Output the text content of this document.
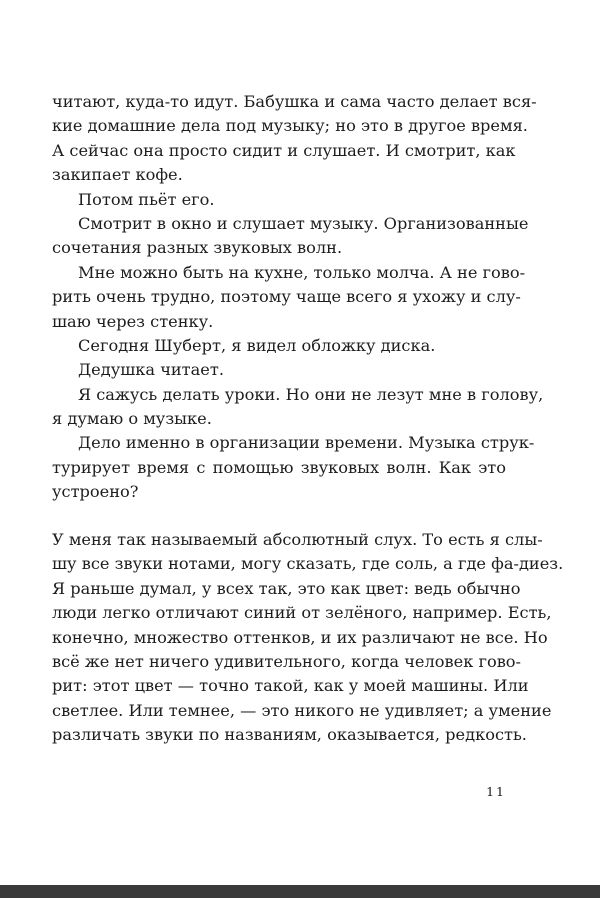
читают, куда-то идут. Бабушка и сама часто делает вся-
кие домашние дела под музыку; но это в другое время.
А сейчас она просто сидит и слушает. И смотрит, как
закипает кофе.
Потом пьёт его.
Смотрит в окно и слушает музыку. Организованные
сочетания разных звуковых волн.
Мне можно быть на кухне, только молча. А не гово-
рить очень трудно, поэтому чаще всего я ухожу и слу-
шаю через стенку.
Сегодня Шуберт, я видел обложку диска.
Дедушка читает.
Я сажусь делать уроки. Но они не лезут мне в голову,
я думаю о музыке.
Дело именно в организации времени. Музыка струк-
турирует время с помощью звуковых волн. Как это
устроено?
У меня так называемый абсолютный слух. То есть я слы-
шу все звуки нотами, могу сказать, где соль, а где фа-диез.
Я раньше думал, у всех так, это как цвет: ведь обычно
люди легко отличают синий от зелёного, например. Есть,
конечно, множество оттенков, и их различают не все. Но
всё же нет ничего удивительного, когда человек гово-
рит: этот цвет — точно такой, как у моей машины. Или
светлее. Или темнее, — это никого не удивляет; а умение
различать звуки по названиям, оказывается, редкость.
11
